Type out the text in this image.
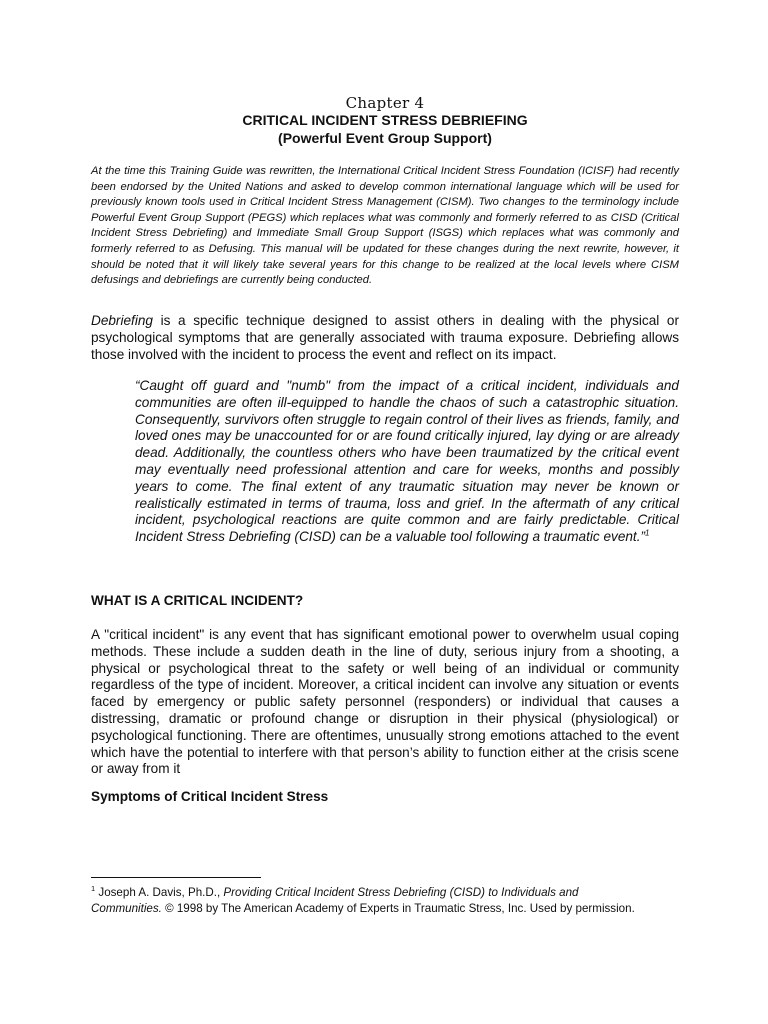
Chapter 4
CRITICAL INCIDENT STRESS DEBRIEFING
(Powerful Event Group Support)
At the time this Training Guide was rewritten, the International Critical Incident Stress Foundation (ICISF) had recently been endorsed by the United Nations and asked to develop common international language which will be used for previously known tools used in Critical Incident Stress Management (CISM). Two changes to the terminology include Powerful Event Group Support (PEGS) which replaces what was commonly and formerly referred to as CISD (Critical Incident Stress Debriefing) and Immediate Small Group Support (ISGS) which replaces what was commonly and formerly referred to as Defusing. This manual will be updated for these changes during the next rewrite, however, it should be noted that it will likely take several years for this change to be realized at the local levels where CISM defusings and debriefings are currently being conducted.
Debriefing is a specific technique designed to assist others in dealing with the physical or psychological symptoms that are generally associated with trauma exposure. Debriefing allows those involved with the incident to process the event and reflect on its impact.
“Caught off guard and "numb" from the impact of a critical incident, individuals and communities are often ill-equipped to handle the chaos of such a catastrophic situation. Consequently, survivors often struggle to regain control of their lives as friends, family, and loved ones may be unaccounted for or are found critically injured, lay dying or are already dead. Additionally, the countless others who have been traumatized by the critical event may eventually need professional attention and care for weeks, months and possibly years to come. The final extent of any traumatic situation may never be known or realistically estimated in terms of trauma, loss and grief. In the aftermath of any critical incident, psychological reactions are quite common and are fairly predictable. Critical Incident Stress Debriefing (CISD) can be a valuable tool following a traumatic event.”$^1$
WHAT IS A CRITICAL INCIDENT?
A "critical incident" is any event that has significant emotional power to overwhelm usual coping methods. These include a sudden death in the line of duty, serious injury from a shooting, a physical or psychological threat to the safety or well being of an individual or community regardless of the type of incident. Moreover, a critical incident can involve any situation or events faced by emergency or public safety personnel (responders) or individual that causes a distressing, dramatic or profound change or disruption in their physical (physiological) or psychological functioning. There are oftentimes, unusually strong emotions attached to the event which have the potential to interfere with that person’s ability to function either at the crisis scene or away from it
Symptoms of Critical Incident Stress
$^1$ Joseph A. Davis, Ph.D., Providing Critical Incident Stress Debriefing (CISD) to Individuals and Communities. © 1998 by The American Academy of Experts in Traumatic Stress, Inc. Used by permission.
